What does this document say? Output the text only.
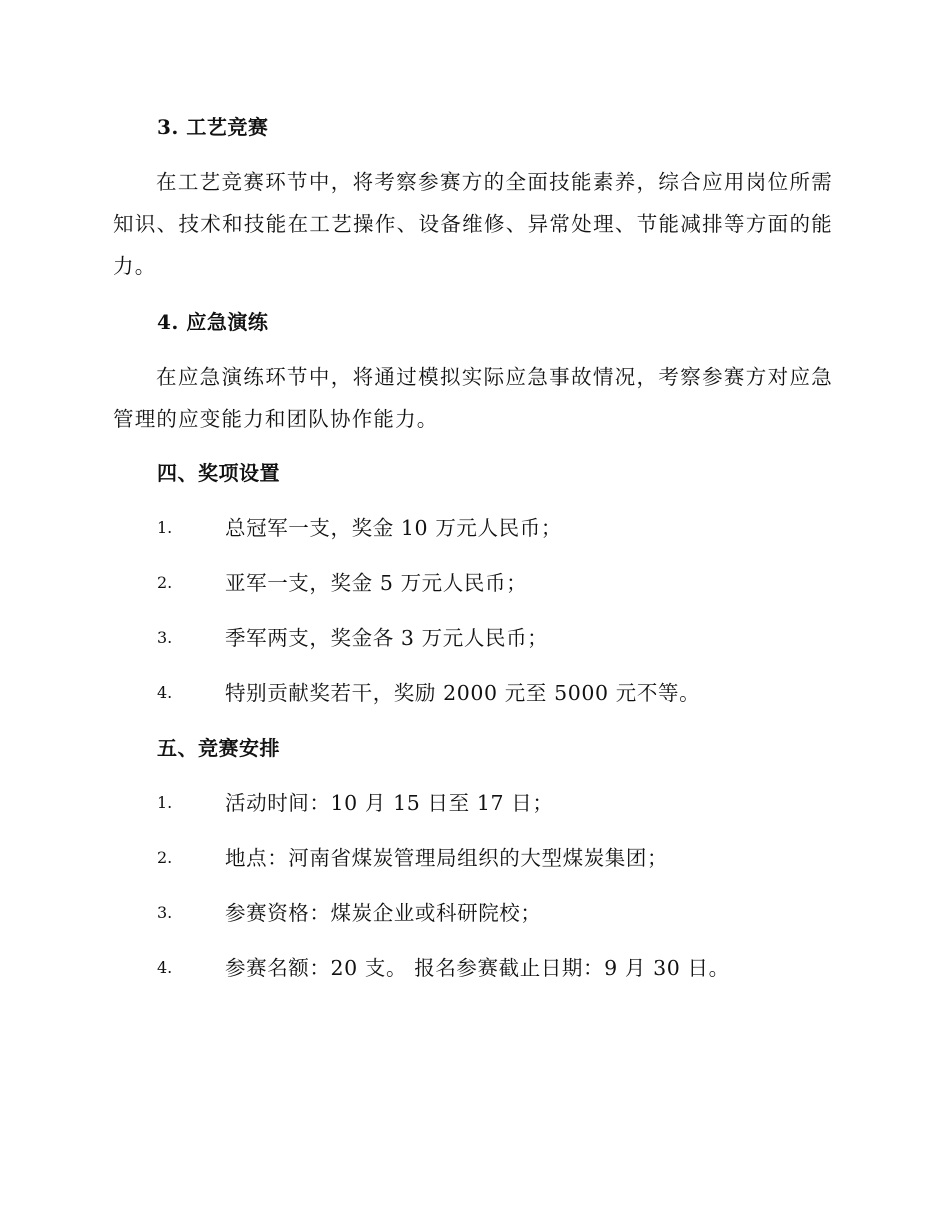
3. 工艺竞赛
在工艺竞赛环节中，将考察参赛方的全面技能素养，综合应用岗位所需知识、技术和技能在工艺操作、设备维修、异常处理、节能减排等方面的能力。
4. 应急演练
在应急演练环节中，将通过模拟实际应急事故情况，考察参赛方对应急管理的应变能力和团队协作能力。
四、奖项设置
1.	总冠军一支，奖金 10 万元人民币；
2.	亚军一支，奖金 5 万元人民币；
3.	季军两支，奖金各 3 万元人民币；
4.	特别贡献奖若干，奖励 2000 元至 5000 元不等。
五、竞赛安排
1.	活动时间：10 月 15 日至 17 日；
2.	地点：河南省煤炭管理局组织的大型煤炭集团；
3.	参赛资格：煤炭企业或科研院校；
4.	参赛名额：20 支。 报名参赛截止日期：9 月 30 日。
